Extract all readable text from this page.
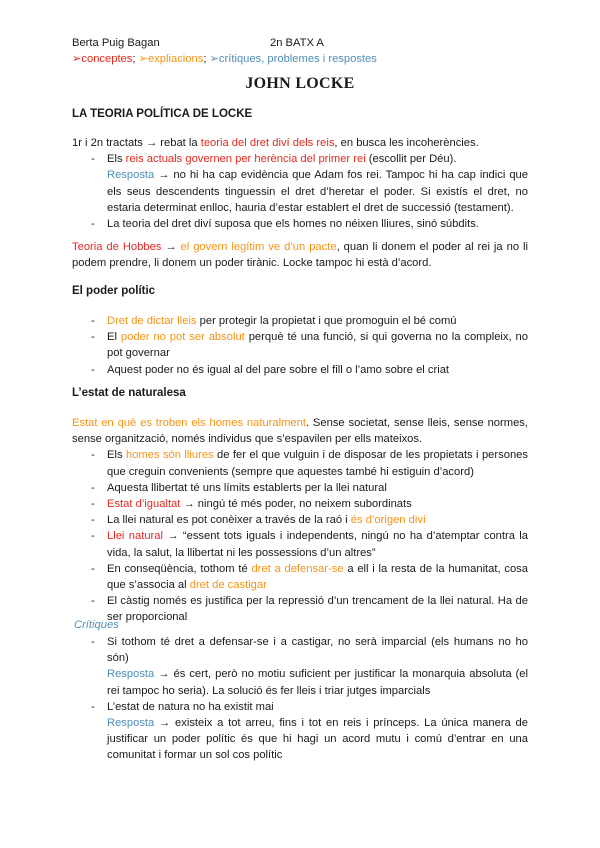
Berta Puig Bagan	2n BATX A
➢conceptes; ➢expliacions; ➢crítiques, problemes i respostes
JOHN LOCKE
LA TEORIA POLÍTICA DE LOCKE

1r i 2n tractats → rebat la teoria del dret diví dels reis, en busca les incoherències.

- Els reis actuals governen per herència del primer rei (escollit per Déu).

Resposta → no hi ha cap evidència que Adam fos rei. Tampoc hi ha cap indici que els seus descendents tinguessin el dret d’heretar el poder. Si existís el dret, no estaria determinat enlloc, hauria d’estar establert el dret de successió (testament).

- La teoria del dret diví suposa que els homes no néixen lliures, sinó súbdits.

Teoria de Hobbes → el govern legítim ve d’un pacte, quan li donem el poder al rei ja no li podem prendre, li donem un poder tirànic. Locke tampoc hi està d’acord.

El poder polític
- Dret de dictar lleis per protegir la propietat i que promoguin el bé comú

- El poder no pot ser absolut perquè té una funció, si qui governa no la compleix, no pot governar

- Aquest poder no és igual al del pare sobre el fill o l’amo sobre el criat

L’estat de naturalesa

Estat en què es troben els homes naturalment. Sense societat, sense lleis, sense normes, sense organització, només individus que s’espavilen per ells mateixos.

- Els homes són lliures de fer el que vulguin i de disposar de les propietats i persones que creguin convenients (sempre que aquestes també hi estiguin d’acord)

- Aquesta llibertat té uns límits establerts per la llei natural

- Estat d’igualtat → ningú té més poder, no neixem subordinats

- La llei natural es pot conèixer a través de la raó i és d’origen diví

- Llei natural → “essent tots iguals i independents, ningú no ha d’atemptar contra la vida, la salut, la llibertat ni les possessions d’un altres”

- En conseqüència, tothom té dret a defensar-se a ell i la resta de la humanitat, cosa que s’associa al dret de castigar

- El càstig només es justifica per la repressió d’un trencament de la llei natural. Ha de ser proporcional

Crítiques
- Si tothom té dret a defensar-se i a castigar, no serà imparcial (els humans no ho són)

Resposta → és cert, però no motiu suficient per justificar la monarquia absoluta (el rei tampoc ho seria). La solució és fer lleis i triar jutges imparcials

- L’estat de natura no ha existit mai

Resposta → existeix a tot arreu, fins i tot en reis i prínceps. La única manera de justificar un poder polític és que hi hagi un acord mutu i comú d’entrar en una comunitat i formar un sol cos polític
